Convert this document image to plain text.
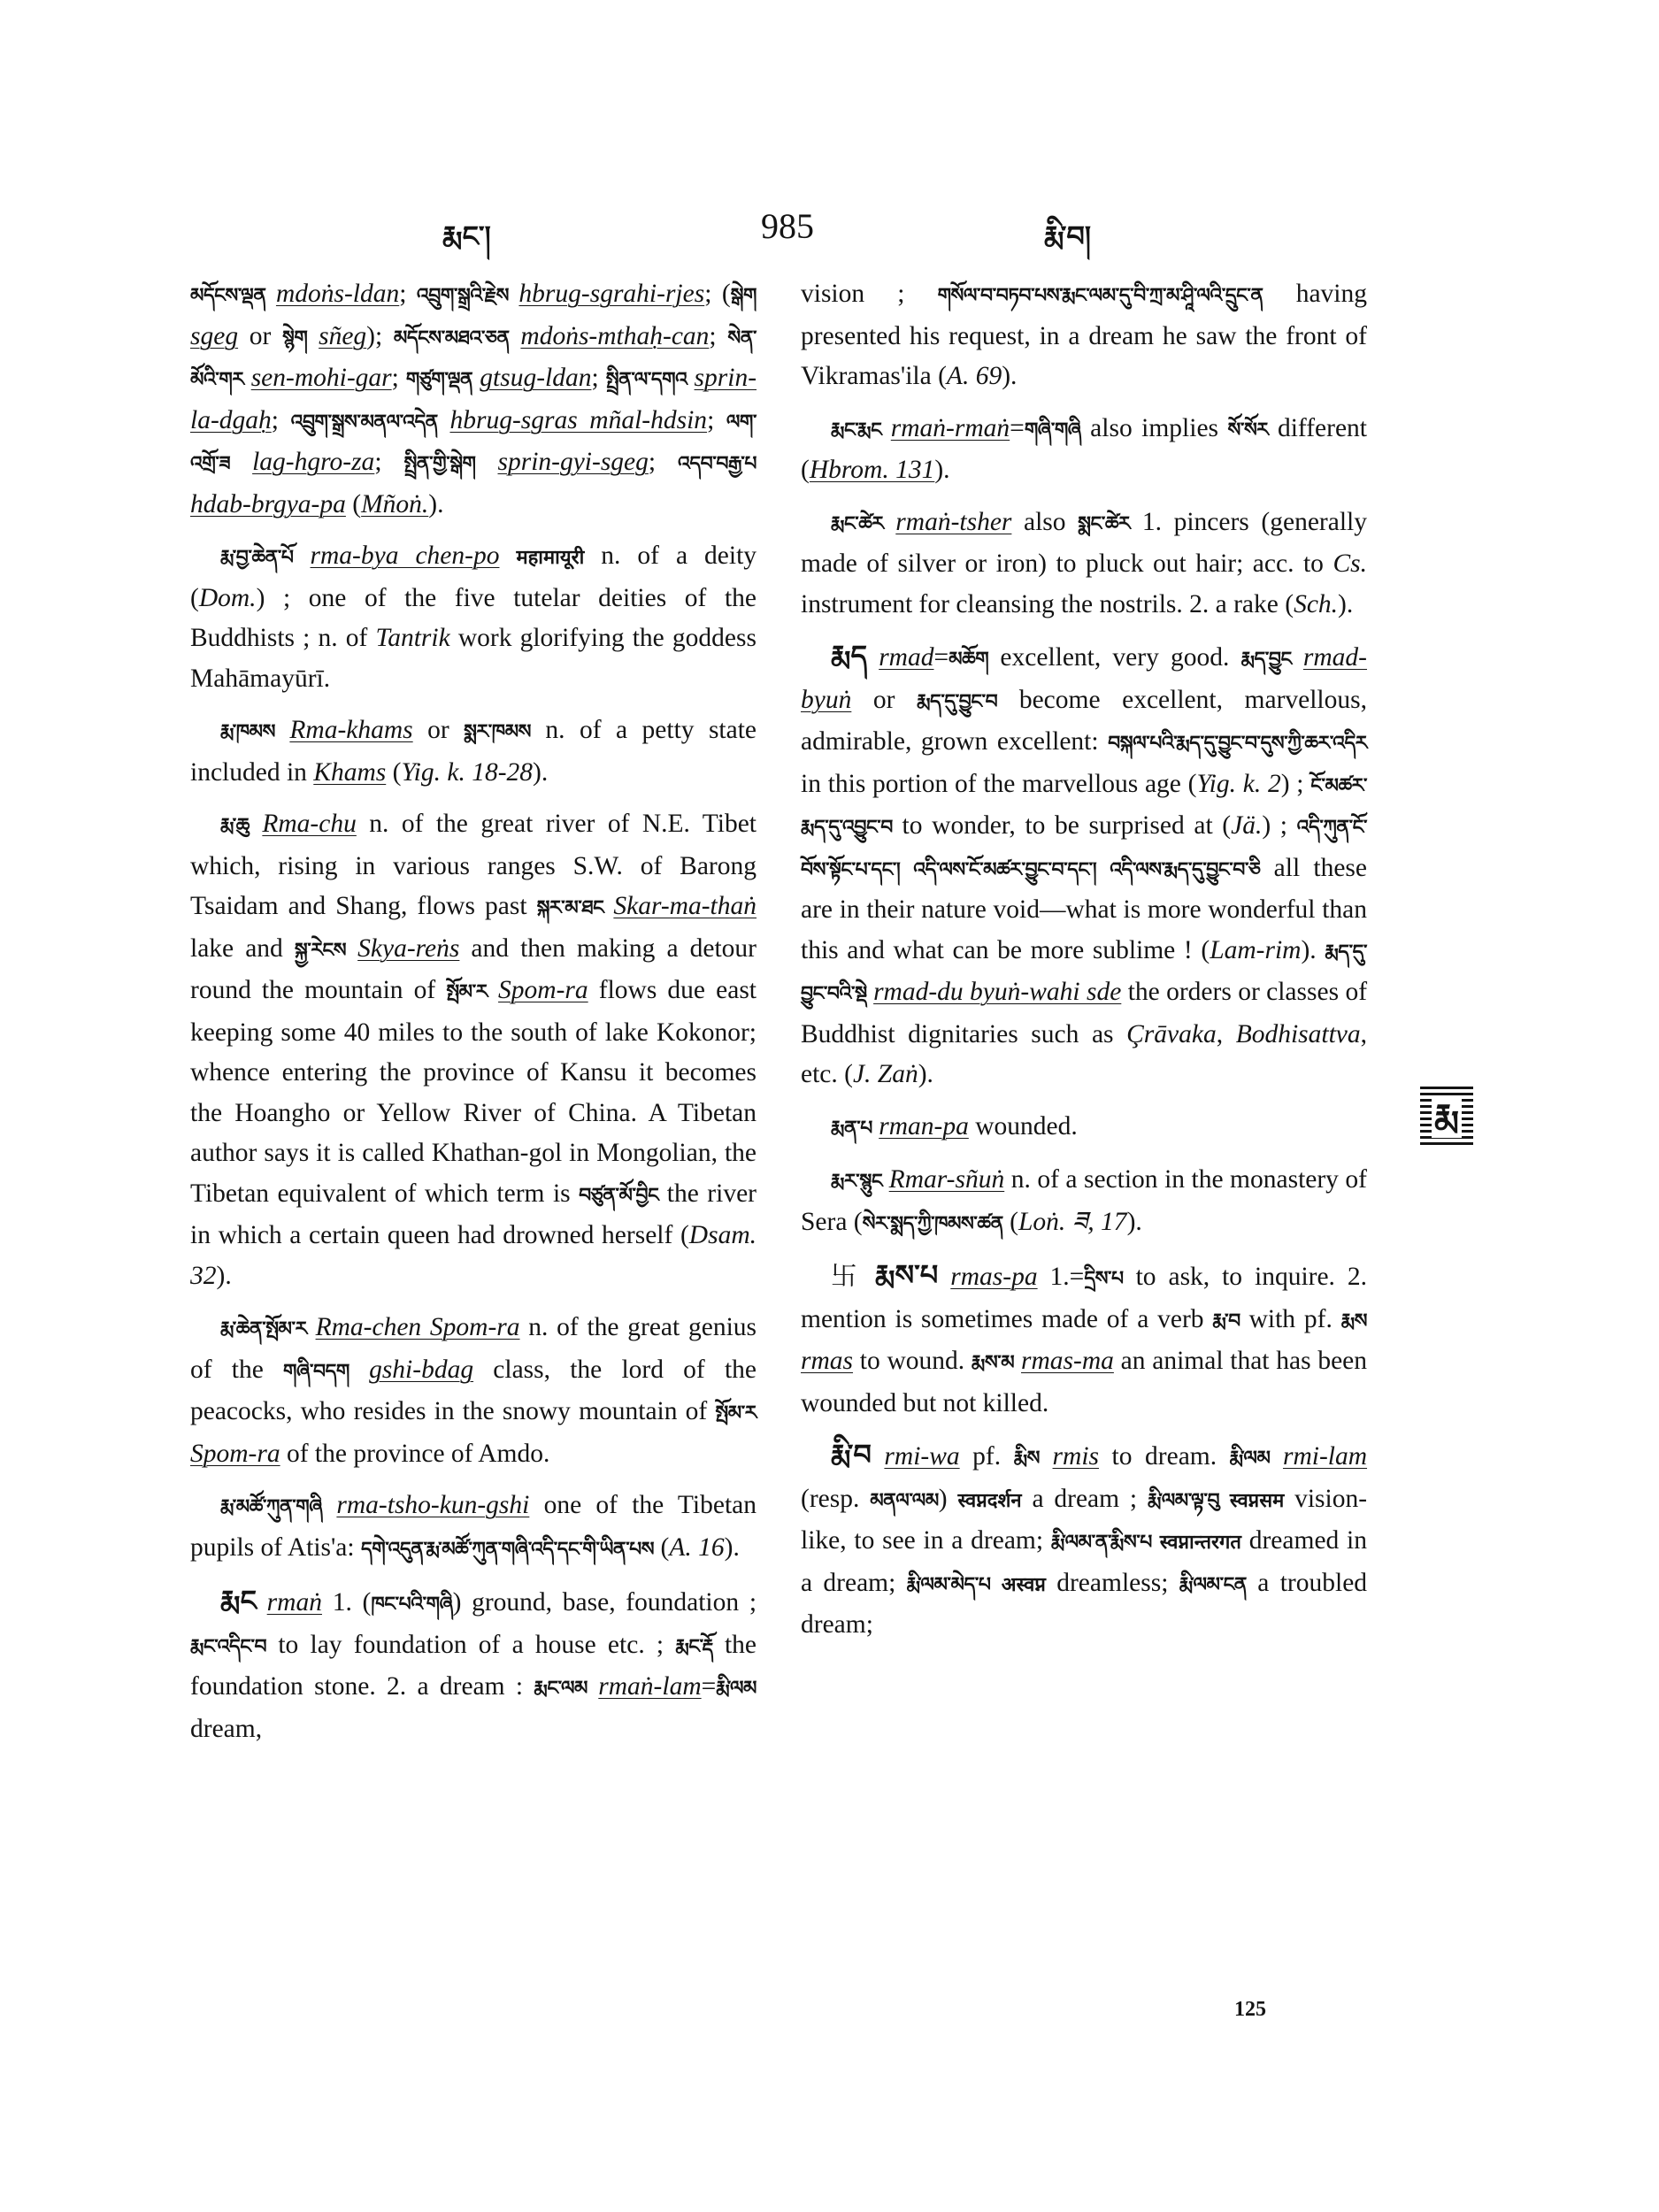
རྨང་།	985	རྨི་བ།

མདོངས་ལྡན mdoṅs-ldan; འབྲུག་སྒྲའི་རྗེས hbrug-sgrahi-rjes; (སྒེག sgeg or སྙེག sñeg); མདོངས་མཐའ་ཅན mdoṅs-mthaḥ-can; སེན་མོའི་གར sen-mohi-gar; གཙུག་ལྡན gtsug-ldan; སྤྲིན་ལ་དགའ sprin-la-dgaḥ; འབྲུག་སྒྲས་མནལ་འདེན hbrug-sgras mñal-hdsin; ལག་འགྲོ་ཟ lag-hgro-za; སྤྲིན་གྱི་སྒེག sprin-gyi-sgeg; འདབ་བརྒྱ་པ hdab-brgya-pa (Mñoṅ.).

རྨ་བྱ་ཆེན་པོ rma-bya chen-po महामायूरी n. of a deity (Dom.) ; one of the five tutelar deities of the Buddhists ; n. of Tantrik work glorifying the goddess Mahāmayūrī.

རྨ་ཁམས Rma-khams or སྨར་ཁམས n. of a petty state included in Khams (Yig. k. 18-28).

རྨ་ཆུ Rma-chu n. of the great river of N.E. Tibet which, rising in various ranges S.W. of Barong Tsaidam and Shang, flows past སྐར་མ་ཐང Skar-ma-thaṅ lake and སྐྱ་རེངས Skya-reṅs and then making a detour round the mountain of སྤོམ་ར Spom-ra flows due east keeping some 40 miles to the south of lake Kokonor; whence entering the province of Kansu it becomes the Hoangho or Yellow River of China. A Tibetan author says it is called Khathan-gol in Mongolian, the Tibetan equivalent of which term is བཙུན་མོ་བྱིང the river in which a certain queen had drowned herself (Dsam. 32).

རྨ་ཆེན་སྤོམ་ར Rma-chen Spom-ra n. of the great genius of the གཞི་བདག gshi-bdag class, the lord of the peacocks, who resides in the snowy mountain of སྤོམ་ར Spom-ra of the province of Amdo.

རྨ་མཚོ་ཀུན་གཞི rma-tsho-kun-gshi one of the Tibetan pupils of Atis'a: དགེ་འདུན་རྨ་མཚོ་ཀུན་གཞི་འདི་དང་གི་ཡིན་པས (A. 16).

རྨང rmaṅ 1. (ཁང་པའི་གཞི) ground, base, foundation ; རྨང་འདིང་བ to lay foundation of a house etc. ; རྨང་རྡོ the foundation stone. 2. a dream : རྨང་ལམ rmaṅ-lam=རྨི་ལམ dream,

vision ; གསོལ་བ་བཏབ་པས་རྨང་ལམ་དུ་བི་ཀྲ་མ་ཤཱི་ལའི་དྲུང་ན having presented his request, in a dream he saw the front of Vikramas'ila (A. 69).

རྨང་རྨང rmaṅ-rmaṅ=གཞི་གཞི also implies སོ་སོར different (Hbrom. 131).

རྨང་ཚེར rmaṅ-tsher also སྨང་ཚེར 1. pincers (generally made of silver or iron) to pluck out hair; acc. to Cs. instrument for cleansing the nostrils. 2. a rake (Sch.).

རྨད rmad=མཆོག excellent, very good. རྨད་བྱུང rmad-byuṅ or རྨད་དུ་བྱུང་བ become excellent, marvellous, admirable, grown excellent: བསྐལ་པའི་རྨད་དུ་བྱུང་བ་དུས་ཀྱི་ཆར་འདིར in this portion of the marvellous age (Yig. k. 2) ; ངོ་མཚར་རྨད་དུ་འབྱུང་བ to wonder, to be surprised at (Jä.) ; འདི་ཀུན་ངོ་བོས་སྟོང་པ་དང་། འདི་ལས་ངོ་མཚར་བྱུང་བ་དང་། འདི་ལས་རྨད་དུ་བྱུང་བ་ཅི all these are in their nature void—what is more wonderful than this and what can be more sublime ! (Lam-rim). རྨད་དུ་བྱུང་བའི་སྡེ rmad-du byuṅ-wahi sde the orders or classes of Buddhist dignitaries such as Çrāvaka, Bodhisattva, etc. (J. Zaṅ).

རྨན་པ rman-pa wounded.

རྨར་སྙུང Rmar-sñuṅ n. of a section in the monastery of Sera (སེར་སྨད་ཀྱི་ཁམས་ཚན (Loṅ. ཟ, 17).

卐 རྨས་པ rmas-pa 1.=དྲིས་པ to ask, to inquire. 2. mention is sometimes made of a verb རྨ་བ with pf. རྨས rmas to wound. རྨས་མ rmas-ma an animal that has been wounded but not killed.

རྨི་བ rmi-wa pf. རྨིས rmis to dream. རྨི་ལམ rmi-lam (resp. མནལ་ལམ) स्वप्नदर्शन a dream ; རྨི་ལམ་ལྟ་བུ स्वप्नसम vision-like, to see in a dream; རྨི་ལམ་ན་རྨིས་པ स्वप्नान्तरगत dreamed in a dream; རྨི་ལམ་མེད་པ अस्वप्न dreamless; རྨི་ལམ་ངན a troubled dream;

རྨ
125
